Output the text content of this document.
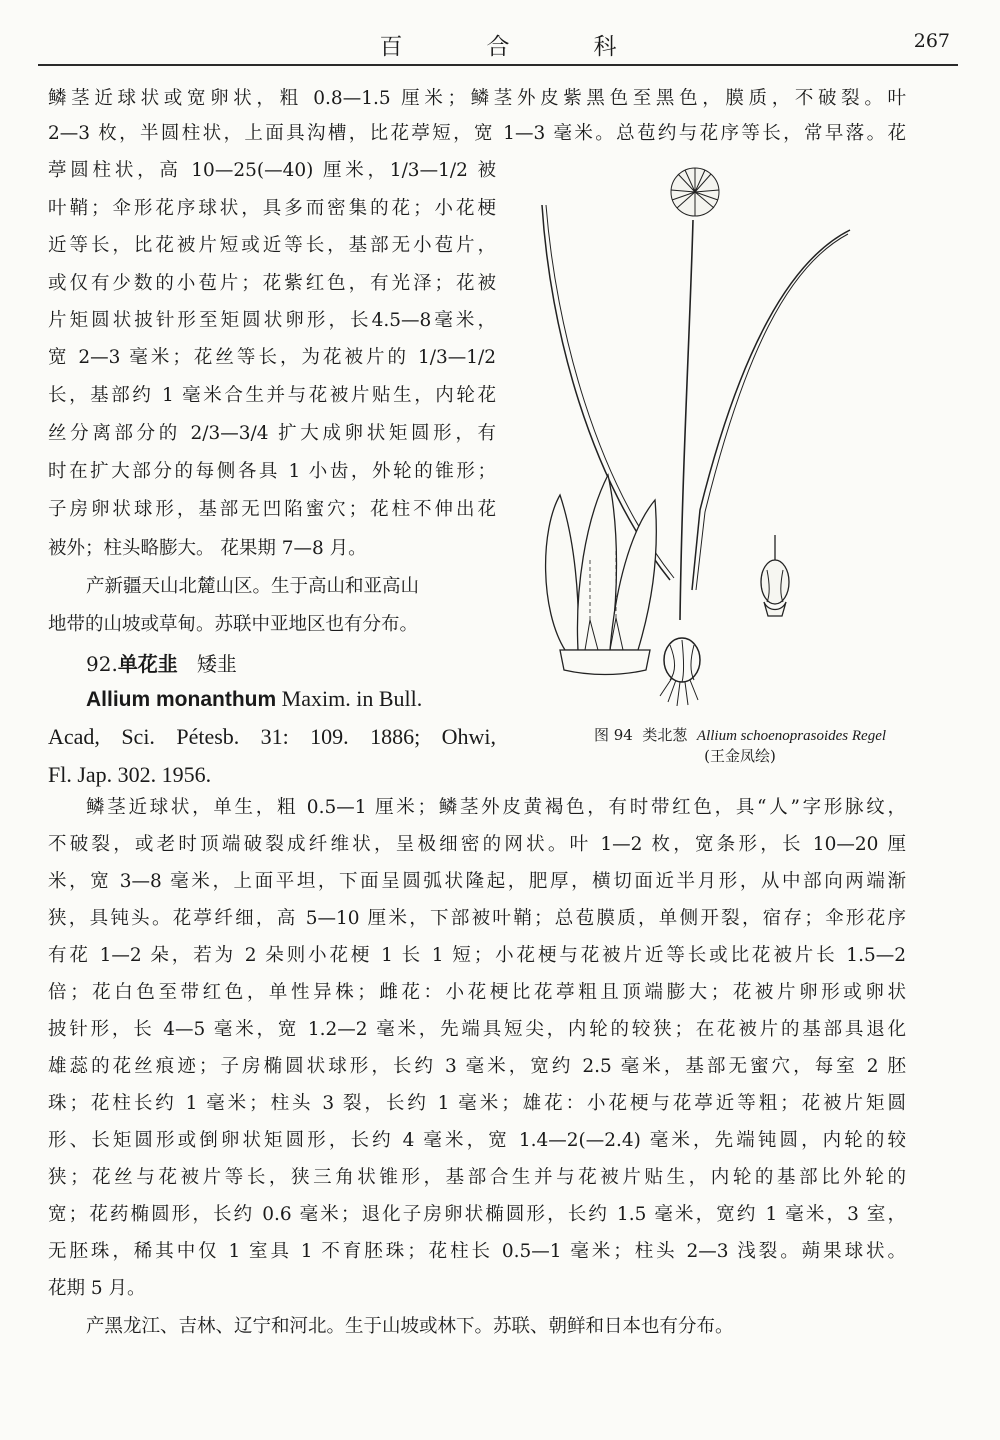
百	合	科	267
鳞茎近球状或宽卵状，粗 0.8—1.5 厘米；鳞茎外皮紫黑色至黑色，膜质，不破裂。叶
2—3 枚，半圆柱状，上面具沟槽，比花葶短，宽 1—3 毫米。总苞约与花序等长，常早落。花
葶圆柱状，高 10—25(—40) 厘米，1/3—1/2 被
叶鞘；伞形花序球状，具多而密集的花；小花梗
近等长，比花被片短或近等长，基部无小苞片，
或仅有少数的小苞片；花紫红色，有光泽；花被
片矩圆状披针形至矩圆状卵形，长4.5—8毫米，
宽 2—3 毫米；花丝等长，为花被片的 1/3—1/2
长，基部约 1 毫米合生并与花被片贴生，内轮花
丝分离部分的 2/3—3/4 扩大成卵状矩圆形，有
时在扩大部分的每侧各具 1 小齿，外轮的锥形；
子房卵状球形，基部无凹陷蜜穴；花柱不伸出花
被外；柱头略膨大。 花果期 7—8 月。
产新疆天山北麓山区。生于高山和亚高山
地带的山坡或草甸。苏联中亚地区也有分布。
92.单花韭 矮韭
Allium monanthum Maxim. in Bull.
Acad, Sci. Pétesb. 31: 109. 1886; Ohwi,
Fl. Jap. 302. 1956.
鳞茎近球状，单生，粗 0.5—1 厘米；鳞茎外皮黄褐色，有时带红色，具“人”字形脉纹，
不破裂，或老时顶端破裂成纤维状，呈极细密的网状。叶 1—2 枚，宽条形，长 10—20 厘
米，宽 3—8 毫米，上面平坦，下面呈圆弧状隆起，肥厚，横切面近半月形，从中部向两端渐
狭，具钝头。花葶纤细，高 5—10 厘米，下部被叶鞘；总苞膜质，单侧开裂，宿存；伞形花序
有花 1—2 朵，若为 2 朵则小花梗 1 长 1 短；小花梗与花被片近等长或比花被片长 1.5—2
倍；花白色至带红色，单性异株；雌花：小花梗比花葶粗且顶端膨大；花被片卵形或卵状
披针形，长 4—5 毫米，宽 1.2—2 毫米，先端具短尖，内轮的较狭；在花被片的基部具退化
雄蕊的花丝痕迹；子房椭圆状球形，长约 3 毫米，宽约 2.5 毫米，基部无蜜穴，每室 2 胚
珠；花柱长约 1 毫米；柱头 3 裂，长约 1 毫米；雄花：小花梗与花葶近等粗；花被片矩圆
形、长矩圆形或倒卵状矩圆形，长约 4 毫米，宽 1.4—2(—2.4) 毫米，先端钝圆，内轮的较
狭；花丝与花被片等长，狭三角状锥形，基部合生并与花被片贴生，内轮的基部比外轮的
宽；花药椭圆形，长约 0.6 毫米；退化子房卵状椭圆形，长约 1.5 毫米，宽约 1 毫米，3 室，
无胚珠，稀其中仅 1 室具 1 不育胚珠；花柱长 0.5—1 毫米；柱头 2—3 浅裂。蒴果球状。
花期 5 月。
产黑龙江、吉林、辽宁和河北。生于山坡或林下。苏联、朝鲜和日本也有分布。
图 94 类北葱 Allium schoenoprasoides Regel
(王金凤绘)
